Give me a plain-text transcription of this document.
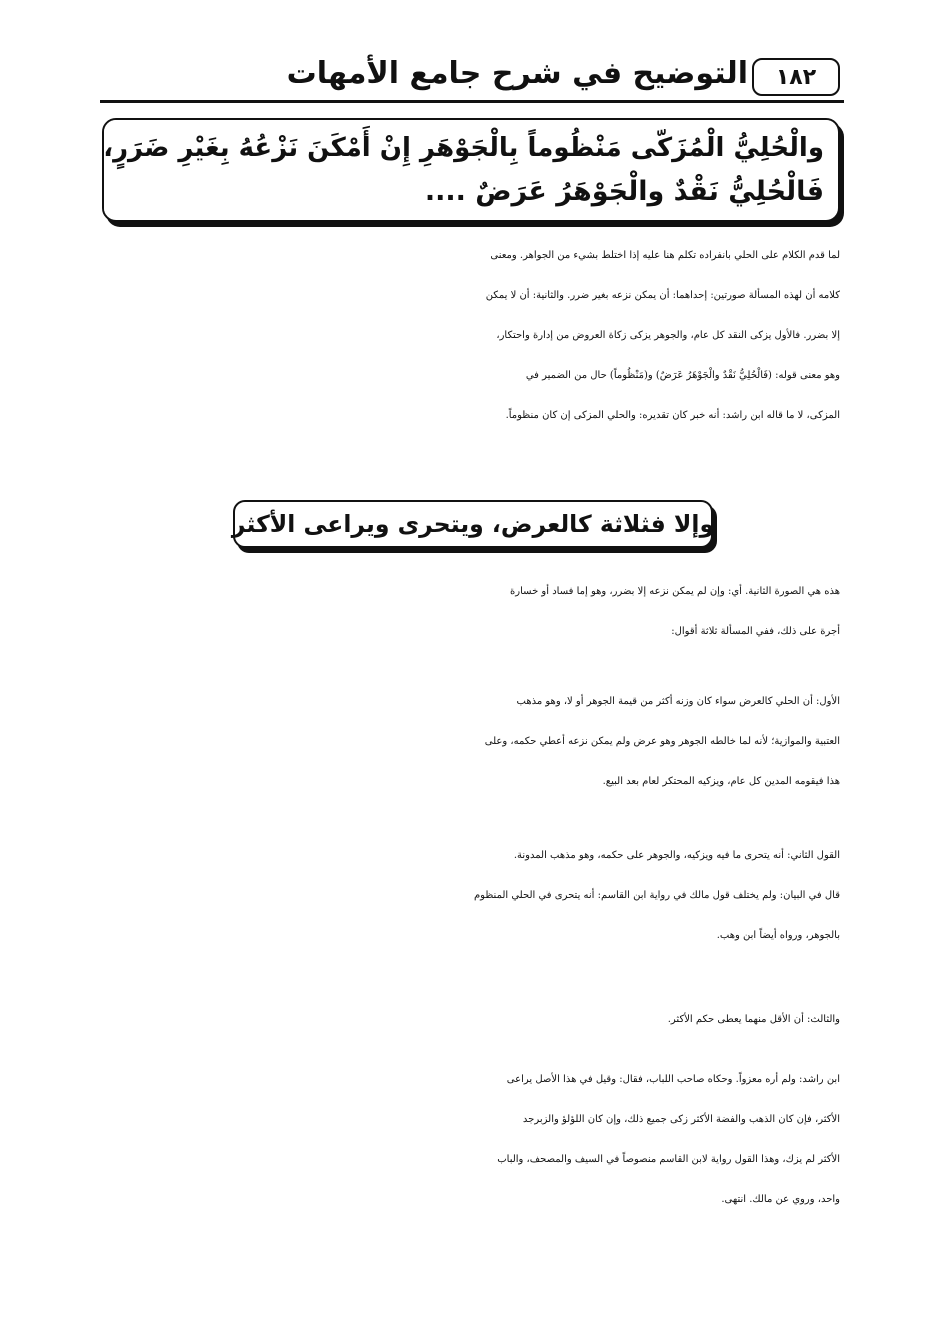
التوضيح في شرح جامع الأمهات	١٨٢
والْحُلِيُّ الْمُزَكّى مَنْظُوماً بِالْجَوْهَرِ إِنْ أَمْكَنَ نَزْعُهُ بِغَيْرِ ضَرَرٍ،
فَالْحُلِيُّ نَقْدٌ والْجَوْهَرُ عَرَضٌ ....
لما قدم الكلام على الحلي بانفراده تكلم هنا عليه إذا اختلط بشيء من الجواهر. ومعنى
كلامه أن لهذه المسألة صورتين: إحداهما: أن يمكن نزعه بغير ضرر. والثانية: أن لا يمكن
إلا بضرر. فالأول يزكى النقد كل عام، والجوهر يزكى زكاة العروض من إدارة واحتكار،
وهو معنى قوله: (فَالْحُلِيُّ نَقْدٌ والْجَوْهَرُ عَرَضٌ) و(مَنْظُوماً) حال من الضمير في
المزكى، لا ما قاله ابن راشد: أنه خبر كان تقديره: والحلي المزكى إن كان منظوماً.
وإلا فثلاثة كالعرض، ويتحرى ويراعى الأكثر
هذه هي الصورة الثانية. أي: وإن لم يمكن نزعه إلا بضرر، وهو إما فساد أو خسارة
أجرة على ذلك، ففي المسألة ثلاثة أقوال:
الأول: أن الحلي كالعرض سواء كان وزنه أكثر من قيمة الجوهر أو لا، وهو مذهب
العتبية والموازية؛ لأنه لما خالطه الجوهر وهو عرض ولم يمكن نزعه أعطي حكمه، وعلى
هذا فيقومه المدين كل عام، ويزكيه المحتكر لعام بعد البيع.
القول الثاني: أنه يتحرى ما فيه ويزكيه، والجوهر على حكمه، وهو مذهب المدونة.
قال في البيان: ولم يختلف قول مالك في رواية ابن القاسم: أنه يتحرى في الحلي المنظوم
بالجوهر، ورواه أيضاً ابن وهب.
والثالث: أن الأقل منهما يعطى حكم الأكثر.
ابن راشد: ولم أره معزواً. وحكاه صاحب اللباب، فقال: وقيل في هذا الأصل يراعى
الأكثر، فإن كان الذهب والفضة الأكثر زكى جميع ذلك، وإن كان اللؤلؤ والزبرجد
الأكثر لم يزك، وهذا القول رواية لابن القاسم منصوصاً في السيف والمصحف، والباب
واحد، وروي عن مالك. انتهى.
